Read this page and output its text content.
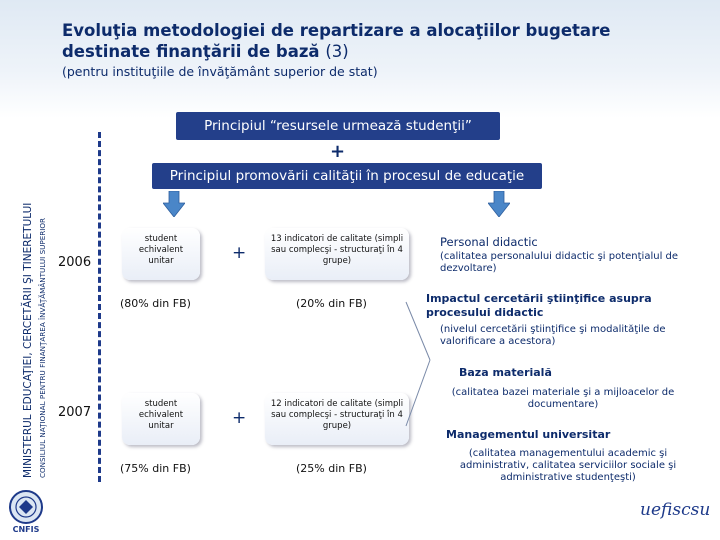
Evoluţia metodologiei de repartizare a alocaţiilor bugetare destinate finanţării de bază (3)
(pentru instituţiile de învăţământ superior de stat)
MINISTERUL EDUCAŢIEI, CERCETĂRII ŞI TINERETULUI CONSILIUL NAŢIONAL PENTRU FINANŢAREA ÎNVĂŢĂMÂNTULUI SUPERIOR
Principiul “resursele urmează studenţii”
+
Principiul promovării calităţii în procesul de educaţie
2006
student echivalent unitar	+
13 indicatori de calitate (simpli sau complecşi - structuraţi în 4 grupe)
(80% din FB)	(20% din FB)
2007
student echivalent unitar	+
12 indicatori de calitate (simpli sau complecşi - structuraţi în 4 grupe)
(75% din FB)	(25% din FB)
Personal didactic
(calitatea personalului didactic şi potenţialul de dezvoltare)
Impactul cercetării ştiinţifice asupra procesului didactic
(nivelul cercetării ştiinţifice şi modalităţile de valorificare a acestora)
Baza materială
(calitatea bazei materiale şi a mijloacelor de documentare)
Managementul universitar
(calitatea managementului academic şi administrativ, calitatea serviciilor sociale şi administrative studenţeşti)
CNFIS
uefiscsu
